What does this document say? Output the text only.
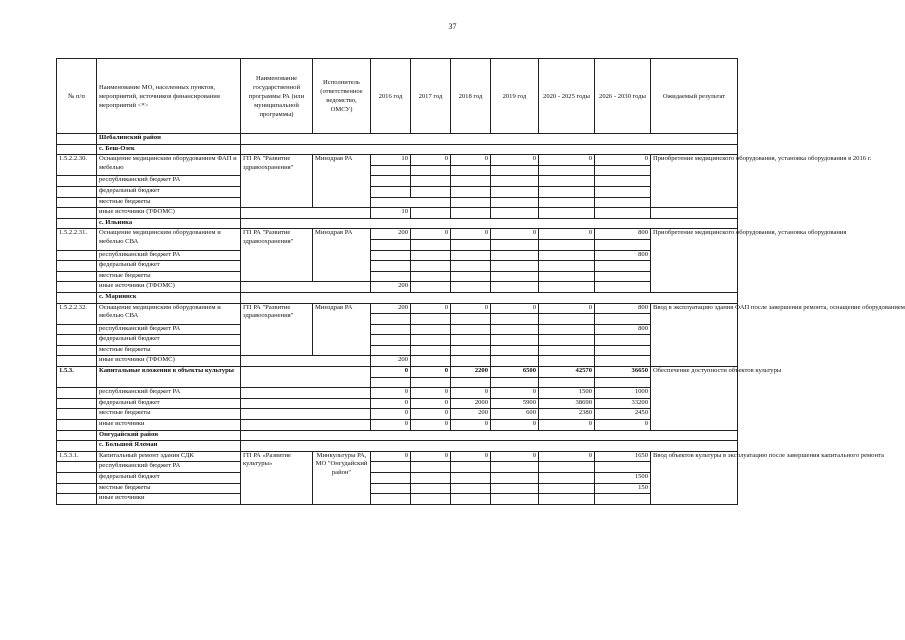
37
№ п/п	Наименование МО, населенных пунктов, мероприятий, источников финансирования мероприятий <*>	Наименование государственной программы РА (или муниципальной программы)	Исполнитель (ответственное ведомство, ОМСУ)	2016 год	2017 год	2018 год	2019 год	2020 - 2025 годы	2026 - 2030 годы	Ожидаемый результат	
	Шебалинский район										
	с. Беш-Озек										
1.5.2.2.30.	Оснащение медицинским оборудованием ФАП и мебелью	ГП РА "Развитие здравоохранения"	Минздрав РА	10	0	0	0	0	0	Приобретение медицинского оборудования, установка оборудования в 2016 г.	

	республиканский бюджет РА										
	федеральный бюджет										
	местные бюджеты										
	иные источники (ТФОМС)			10							
	с. Ильинка										
1.5.2.2.31.	Оснащение медицинским оборудованием и мебелью СВА	ГП РА "Развитие здравоохранения"	Минздрав РА	200	0	0	0	0	800	Приобретение медицинского оборудования, установка оборудования	

	республиканский бюджет РА								800		
	федеральный бюджет										
	местные бюджеты										
	иные источники (ТФОМС)			200							
	с. Мариинск										
1.5.2.2.32.	Оснащение медицинским оборудованием и мебелью СВА	ГП РА "Развитие здравоохранения"	Минздрав РА	200	0	0	0	0	800	Ввод в эксплуатацию здания ФАП после завершения ремонта, оснащение оборудованием	

	республиканский бюджет РА								800		
	федеральный бюджет										
	местные бюджеты										
	иные источники (ТФОМС)			200							
1.5.3.	Капитальные вложения в объекты культуры			0	0	2200	6500	42570	36650	Обеспечение доступности объектов культуры	

	республиканский бюджет РА			0	0	0	0	1500	1000		
	федеральный бюджет			0	0	2000	5900	38690	33200		
	местные бюджеты			0	0	200	600	2380	2450		
	иные источники			0	0	0	0	0	0		
	Онгудайский район										
	с. Большой Яломан										
1.5.3.1.	Капитальный ремонт здания СДК	ГП РА «Развитие культуры»	Минкультуры РА, МО "Онгудайский район"	0	0	0	0	0	1650	Ввод объектов культуры в эксплуатацию после завершения капитального ремонта	
	республиканский бюджет РА										
	федеральный бюджет								1500		
	местные бюджеты								150		
	иные источники										
